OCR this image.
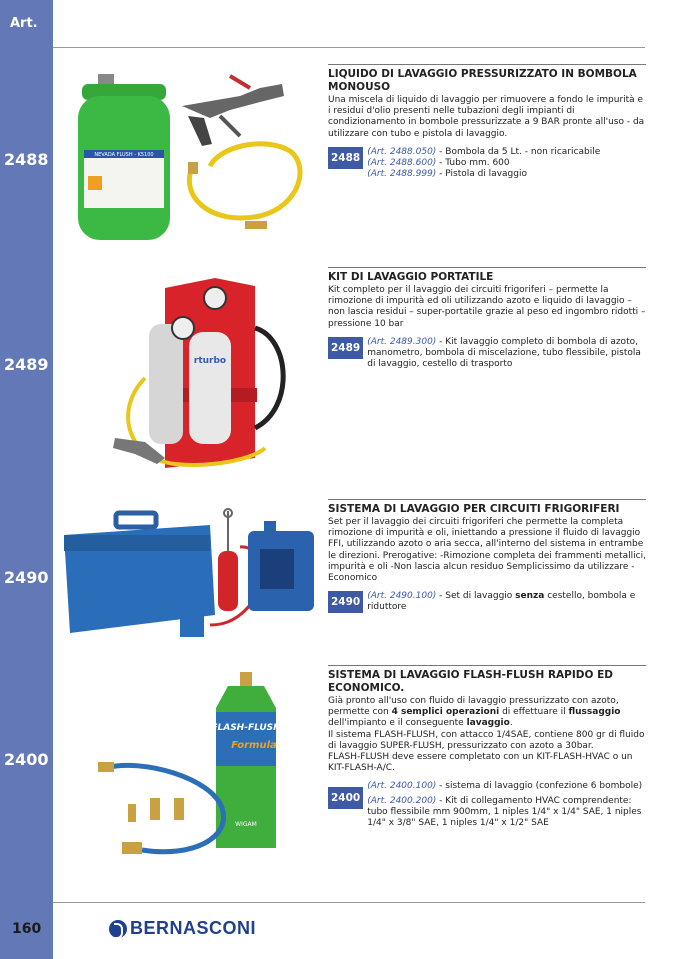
Art.
2488
2489
2490
2400
160	BERNASCONI
NEVADA FLUSH - K5100
LIQUIDO DI LAVAGGIO PRESSURIZZATO IN BOMBOLA MONOUSO
Una miscela di liquido di lavaggio per rimuovere a fondo le impurità e i residui d'olio presenti nelle tubazioni degli impianti di condizionamento in bombole pressurizzate a 9 BAR pronte all'uso - da utilizzare con tubo e pistola di lavaggio.
2488 (Art. 2488.050) - Bombola da 5 Lt. - non ricaricabile
(Art. 2488.600) - Tubo mm. 600
(Art. 2488.999) - Pistola di lavaggio
rturbo
KIT DI LAVAGGIO PORTATILE
Kit completo per il lavaggio dei circuiti frigoriferi – permette la rimozione di impurità ed oli utilizzando azoto e liquido di lavaggio – non lascia residui – super-portatile grazie al peso ed ingombro ridotti – pressione 10 bar
2489 (Art. 2489.300) - Kit lavaggio completo di bombola di azoto, manometro, bombola di miscelazione, tubo flessibile, pistola di lavaggio, cestello di trasporto
SISTEMA DI LAVAGGIO PER CIRCUITI FRIGORIFERI
Set per il lavaggio dei circuiti frigoriferi che permette la completa rimozione di impurità e oli, iniettando a pressione il fluido di lavaggio FFI, utilizzando azoto o aria secca, all'interno del sistema in entrambe le direzioni. Prerogative: -Rimozione completa dei frammenti metallici, impurità e oli -Non lascia alcun residuo Semplicissimo da utilizzare -Economico
2490 (Art. 2490.100) - Set di lavaggio senza cestello, bombola e riduttore
FLASH-FLUSH
Formula
WIGAM
SISTEMA DI LAVAGGIO FLASH-FLUSH RAPIDO ED ECONOMICO.
Già pronto all'uso con fluido di lavaggio pressurizzato con azoto, permette con 4 semplici operazioni di effettuare il flussaggio dell'impianto e il conseguente lavaggio.
Il sistema FLASH-FLUSH, con attacco 1/4SAE, contiene 800 gr di fluido di lavaggio SUPER-FLUSH, pressurizzato con azoto a 30bar.
FLASH-FLUSH deve essere completato con un KIT-FLASH-HVAC o un KIT-FLASH-A/C.
2400
(Art. 2400.100) - sistema di lavaggio (confezione 6 bombole)
(Art. 2400.200) - Kit di collegamento HVAC comprendente: tubo flessibile mm 900mm, 1 niples 1/4" x 1/4" SAE, 1 niples 1/4" x 3/8" SAE, 1 niples 1/4" x 1/2" SAE
